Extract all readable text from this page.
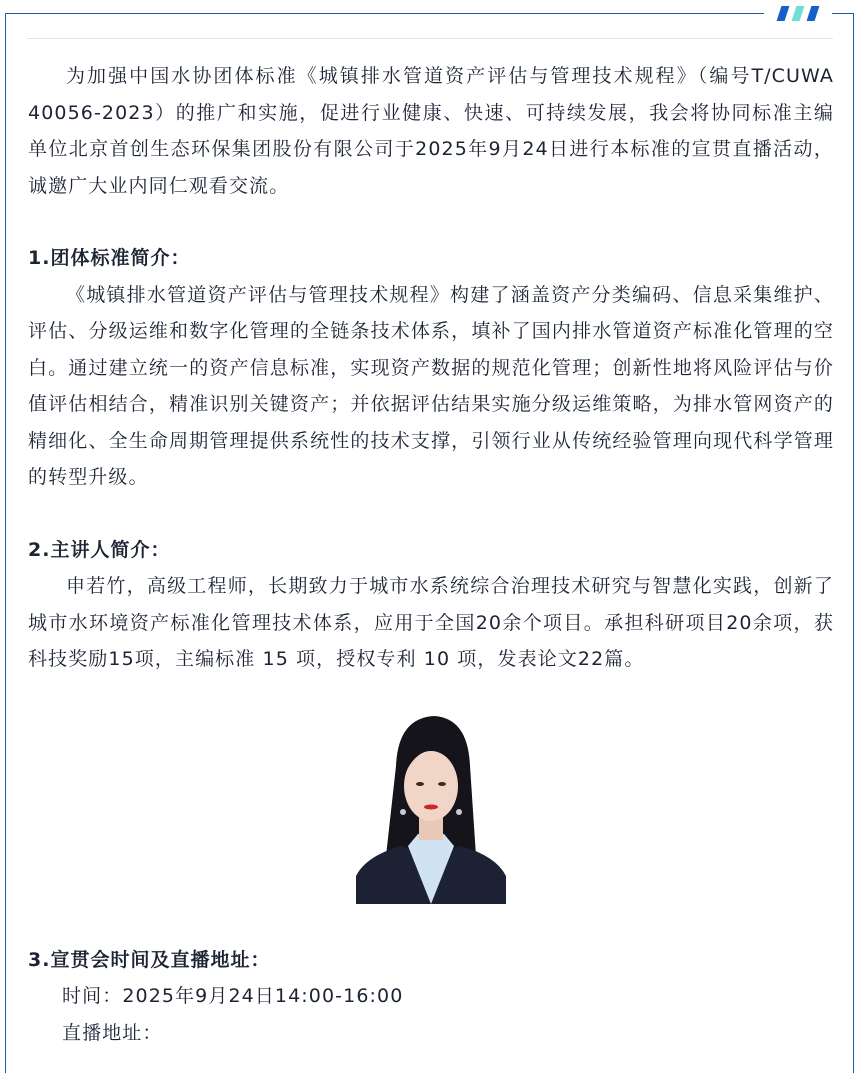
为加强中国水协团体标准《城镇排水管道资产评估与管理技术规程》（编号T/CUWA 40056-2023）的推广和实施，促进行业健康、快速、可持续发展，我会将协同标准主编单位北京首创生态环保集团股份有限公司于2025年9月24日进行本标准的宣贯直播活动，诚邀广大业内同仁观看交流。

1.团体标准简介：

《城镇排水管道资产评估与管理技术规程》构建了涵盖资产分类编码、信息采集维护、评估、分级运维和数字化管理的全链条技术体系，填补了国内排水管道资产标准化管理的空白。通过建立统一的资产信息标准，实现资产数据的规范化管理；创新性地将风险评估与价值评估相结合，精准识别关键资产；并依据评估结果实施分级运维策略，为排水管网资产的精细化、全生命周期管理提供系统性的技术支撑，引领行业从传统经验管理向现代科学管理的转型升级。

2.主讲人简介：

申若竹，高级工程师，长期致力于城市水系统综合治理技术研究与智慧化实践，创新了城市水环境资产标准化管理技术体系，应用于全国20余个项目。承担科研项目20余项，获科技奖励15项，主编标准 15 项，授权专利 10 项，发表论文22篇。

3.宣贯会时间及直播地址：

时间：2025年9月24日14:00-16:00

直播地址：
